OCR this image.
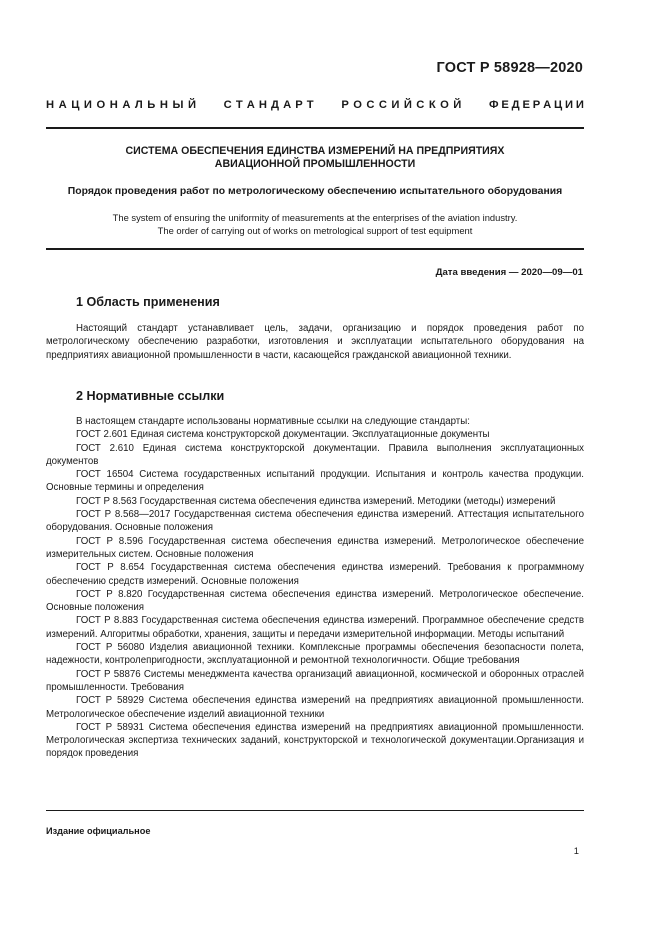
ГОСТ Р 58928—2020
Н А Ц И О Н А Л Ь Н Ы Й С Т А Н Д А Р Т Р О С С И Й С К О Й Ф Е Д Е Р А Ц И И
СИСТЕМА ОБЕСПЕЧЕНИЯ ЕДИНСТВА ИЗМЕРЕНИЙ НА ПРЕДПРИЯТИЯХ
АВИАЦИОННОЙ ПРОМЫШЛЕННОСТИ
Порядок проведения работ по метрологическому обеспечению испытательного оборудования
The system of ensuring the uniformity of measurements at the enterprises of the aviation industry.
The order of carrying out of works on metrological support of test equipment
Дата введения — 2020—09—01
1 Область применения

Настоящий стандарт устанавливает цель, задачи, организацию и порядок проведения работ по метрологическому обеспечению разработки, изготовления и эксплуатации испытательного оборудования на предприятиях авиационной промышленности в части, касающейся гражданской авиационной техники.

2 Нормативные ссылки

В настоящем стандарте использованы нормативные ссылки на следующие стандарты:

ГОСТ 2.601 Единая система конструкторской документации. Эксплуатационные документы

ГОСТ 2.610 Единая система конструкторской документации. Правила выполнения эксплуатационных документов

ГОСТ 16504 Система государственных испытаний продукции. Испытания и контроль качества продукции. Основные термины и определения

ГОСТ Р 8.563 Государственная система обеспечения единства измерений. Методики (методы) измерений

ГОСТ Р 8.568—2017 Государственная система обеспечения единства измерений. Аттестация испытательного оборудования. Основные положения

ГОСТ Р 8.596 Государственная система обеспечения единства измерений. Метрологическое обеспечение измерительных систем. Основные положения

ГОСТ Р 8.654 Государственная система обеспечения единства измерений. Требования к программному обеспечению средств измерений. Основные положения

ГОСТ Р 8.820 Государственная система обеспечения единства измерений. Метрологическое обеспечение. Основные положения

ГОСТ Р 8.883 Государственная система обеспечения единства измерений. Программное обеспечение средств измерений. Алгоритмы обработки, хранения, защиты и передачи измерительной информации. Методы испытаний

ГОСТ Р 56080 Изделия авиационной техники. Комплексные программы обеспечения безопасности полета, надежности, контролепригодности, эксплуатационной и ремонтной технологичности. Общие требования

ГОСТ Р 58876 Системы менеджмента качества организаций авиационной, космической и оборонных отраслей промышленности. Требования

ГОСТ Р 58929 Система обеспечения единства измерений на предприятиях авиационной промышленности. Метрологическое обеспечение изделий авиационной техники

ГОСТ Р 58931 Система обеспечения единства измерений на предприятиях авиационной промышленности. Метрологическая экспертиза технических заданий, конструкторской и технологической документации.Организация и порядок проведения

Издание официальное
1
